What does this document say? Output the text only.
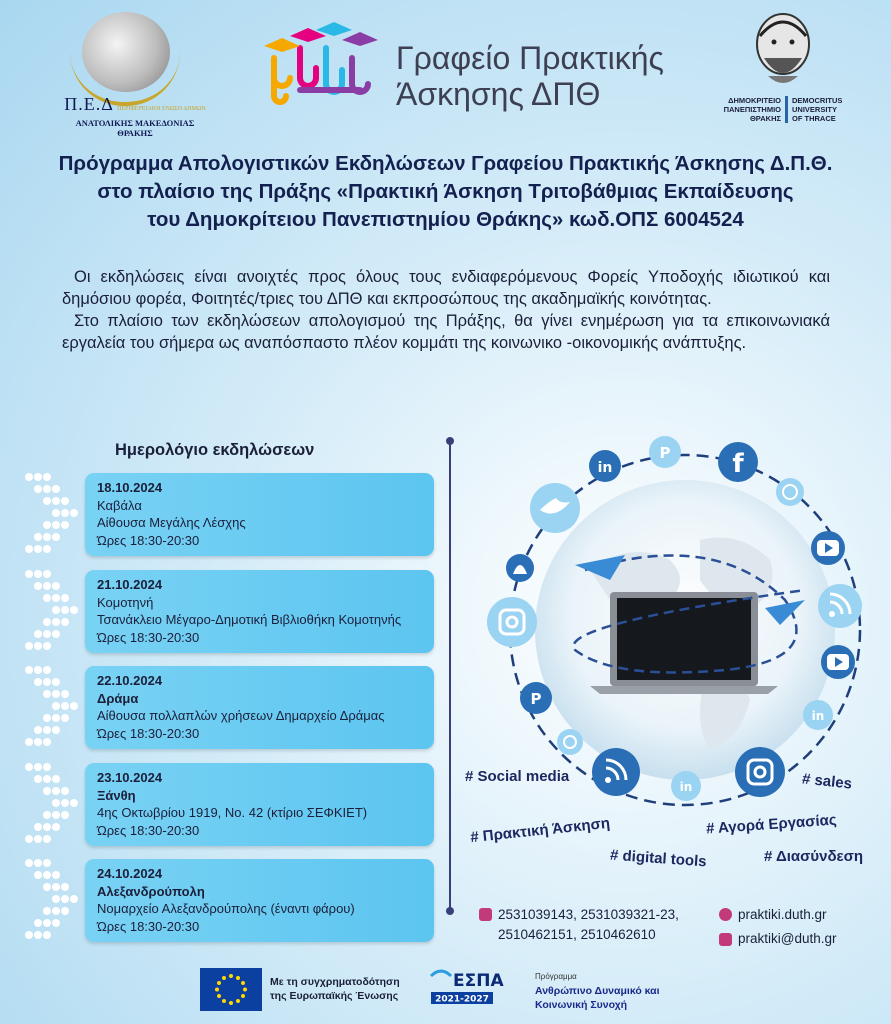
Π.Ε.Δ ΠΕΡΙΦΕΡΕΙΑΚΗ ΕΝΩΣΗ ΔΗΜΩΝ
ΑΝΑΤΟΛΙΚΗΣ ΜΑΚΕΔΟΝΙΑΣ ΘΡΑΚΗΣ
Γραφείο Πρακτικής
Άσκησης ΔΠΘ	ΔΗΜΟΚΡΙΤΕΙΟ
ΠΑΝΕΠΙΣΤΗΜΙΟ
ΘΡΑΚΗΣ
DEMOCRITUS
UNIVERSITY
OF THRACE
Πρόγραμμα Απολογιστικών Εκδηλώσεων Γραφείου Πρακτικής Άσκησης Δ.Π.Θ.
στο πλαίσιο της Πράξης «Πρακτική Άσκηση Τριτοβάθμιας Εκπαίδευσης
του Δημοκρίτειου Πανεπιστημίου Θράκης» κωδ.ΟΠΣ 6004524

Οι εκδηλώσεις είναι ανοιχτές προς όλους τους ενδιαφερόμενους Φορείς Υποδοχής ιδιωτικού και δημόσιου φορέα, Φοιτητές/τριες του ΔΠΘ και εκπροσώπους της ακαδημαϊκής κοινότητας.

Στο πλαίσιο των εκδηλώσεων απολογισμού της Πράξης, θα γίνει ενημέρωση για τα επικοινωνιακά εργαλεία του σήμερα ως αναπόσπαστο πλέον κομμάτι της κοινωνικο -οικονομικής ανάπτυξης.

Ημερολόγιο εκδηλώσεων
18.10.2024
Καβάλα
Αίθουσα Μεγάλης Λέσχης
Ώρες 18:30-20:30
21.10.2024
Κομοτηνή
Τσανάκλειο Μέγαρο-Δημοτική Βιβλιοθήκη Κομοτηνής
Ώρες 18:30-20:30
22.10.2024
Δράμα
Αίθουσα πολλαπλών χρήσεων Δημαρχείο Δράμας
Ώρες 18:30-20:30
23.10.2024
Ξάνθη
4ης Οκτωβρίου 1919, Νο. 42 (κτίριο ΣΕΦΚΙΕΤ)
Ώρες 18:30-20:30
24.10.2024
Αλεξανδρούπολη
Νομαρχείο Αλεξανδρούπολης (έναντι φάρου)
Ώρες 18:30-20:30
in
P f
P
in
in
# Social media	# sales
# Πρακτική Άσκηση	# Αγορά Εργασίας
# digital tools	# Διασύνδεση
2531039143, 2531039321-23,
2510462151, 2510462610
praktiki.duth.gr
praktiki@duth.gr
Με τη συγχρηματοδότηση
της Ευρωπαϊκής Ένωσης
ΕΣΠΑ
2021-2027
Πρόγραμμα
Ανθρώπινο Δυναμικό και
Κοινωνική Συνοχή
